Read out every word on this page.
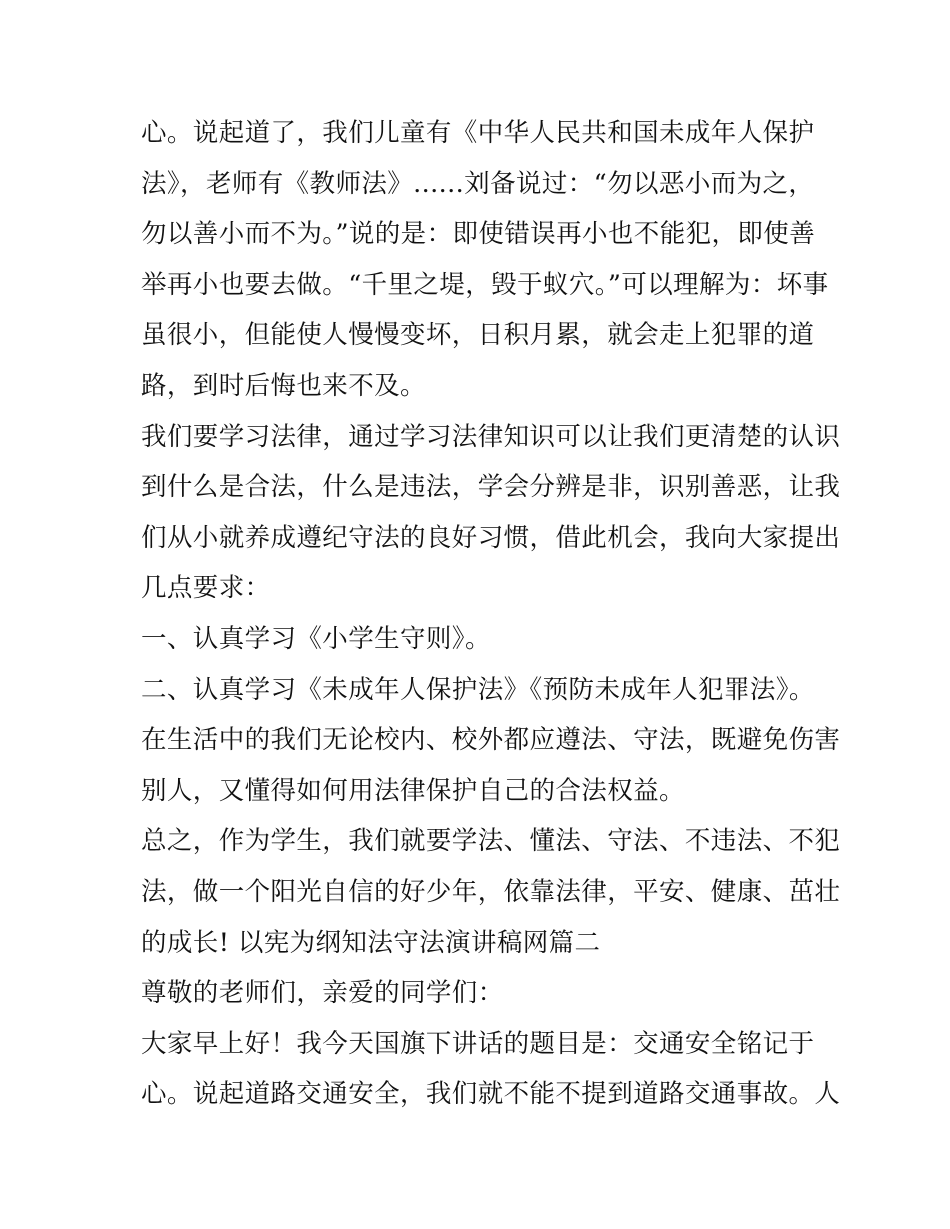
心。说起道了，我们儿童有《中华人民共和国未成年人保护
法》，老师有《教师法》......刘备说过：“勿以恶小而为之，
勿以善小而不为。”说的是：即使错误再小也不能犯，即使善
举再小也要去做。“千里之堤，毁于蚁穴。”可以理解为：坏事
虽很小，但能使人慢慢变坏，日积月累，就会走上犯罪的道
路，到时后悔也来不及。
我们要学习法律，通过学习法律知识可以让我们更清楚的认识
到什么是合法，什么是违法，学会分辨是非，识别善恶，让我
们从小就养成遵纪守法的良好习惯，借此机会，我向大家提出
几点要求：
一、认真学习《小学生守则》。
二、认真学习《未成年人保护法》《预防未成年人犯罪法》。
在生活中的我们无论校内、校外都应遵法、守法，既避免伤害
别人，又懂得如何用法律保护自己的合法权益。
总之，作为学生，我们就要学法、懂法、守法、不违法、不犯
法，做一个阳光自信的好少年，依靠法律，平安、健康、茁壮
的成长! 以宪为纲知法守法演讲稿网篇二
尊敬的老师们，亲爱的同学们：
大家早上好！我今天国旗下讲话的题目是：交通安全铭记于
心。说起道路交通安全，我们就不能不提到道路交通事故。人
